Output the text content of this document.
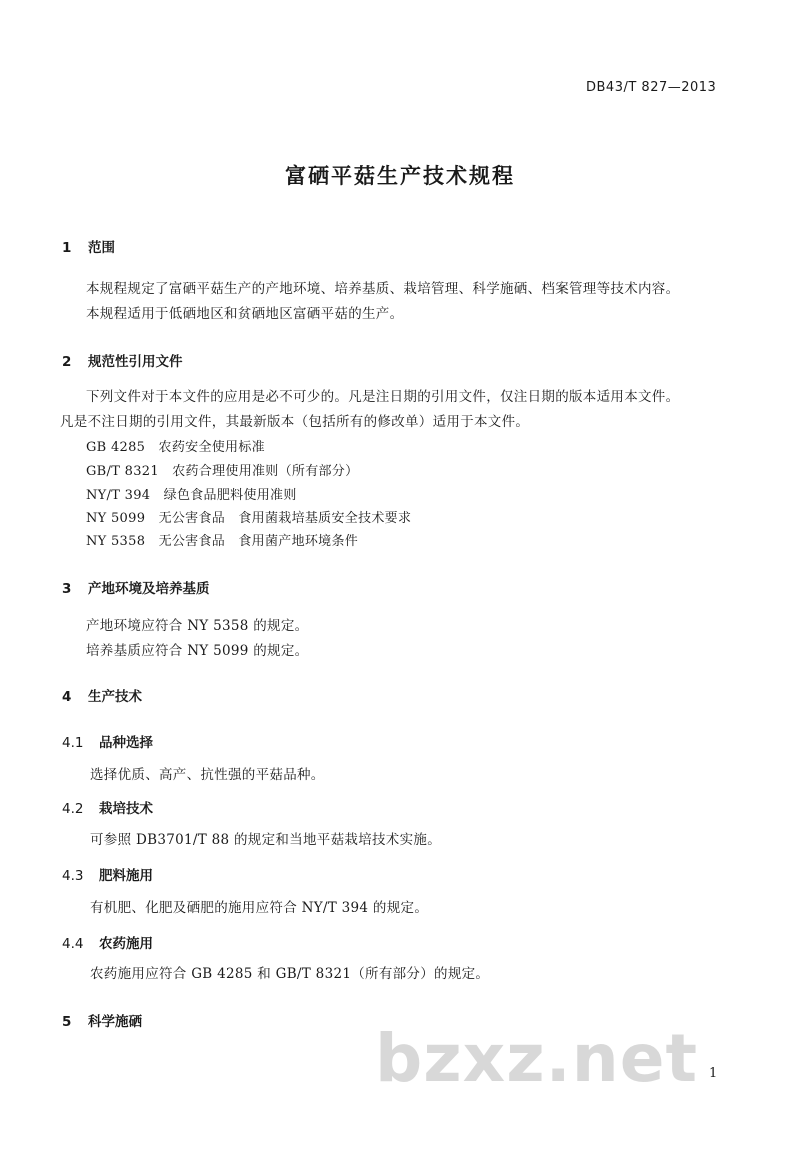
DB43/T 827—2013
富硒平菇生产技术规程
1 范围
本规程规定了富硒平菇生产的产地环境、培养基质、栽培管理、科学施硒、档案管理等技术内容。
本规程适用于低硒地区和贫硒地区富硒平菇的生产。
2 规范性引用文件
下列文件对于本文件的应用是必不可少的。凡是注日期的引用文件，仅注日期的版本适用本文件。
凡是不注日期的引用文件，其最新版本（包括所有的修改单）适用于本文件。
GB 4285　农药安全使用标准
GB/T 8321　农药合理使用准则（所有部分）
NY/T 394　绿色食品肥料使用准则
NY 5099　无公害食品　食用菌栽培基质安全技术要求
NY 5358　无公害食品　食用菌产地环境条件
3 产地环境及培养基质
产地环境应符合 NY 5358 的规定。
培养基质应符合 NY 5099 的规定。
4 生产技术
4.1 品种选择
选择优质、高产、抗性强的平菇品种。
4.2 栽培技术
可参照 DB3701/T 88 的规定和当地平菇栽培技术实施。
4.3 肥料施用
有机肥、化肥及硒肥的施用应符合 NY/T 394 的规定。
4.4 农药施用
农药施用应符合 GB 4285 和 GB/T 8321（所有部分）的规定。
5 科学施硒	bzxz.net 1
